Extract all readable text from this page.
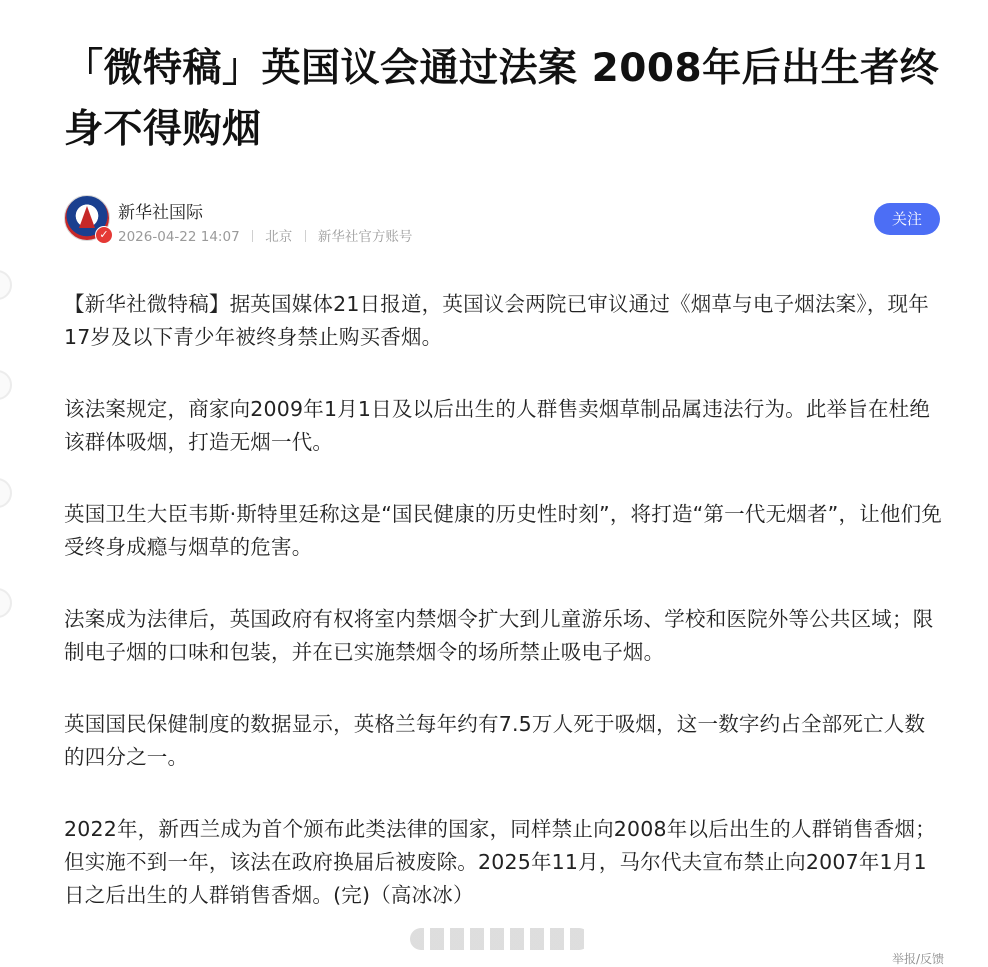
「微特稿」英国议会通过法案 2008年后出生者终身不得购烟
✓
新华社国际
2026-04-22 14:07 北京 新华社官方账号
关注

【新华社微特稿】据英国媒体21日报道，英国议会两院已审议通过《烟草与电子烟法案》，现年17岁及以下青少年被终身禁止购买香烟。

该法案规定，商家向2009年1月1日及以后出生的人群售卖烟草制品属违法行为。此举旨在杜绝该群体吸烟，打造无烟一代。

英国卫生大臣韦斯·斯特里廷称这是“国民健康的历史性时刻”，将打造“第一代无烟者”，让他们免受终身成瘾与烟草的危害。

法案成为法律后，英国政府有权将室内禁烟令扩大到儿童游乐场、学校和医院外等公共区域；限制电子烟的口味和包装，并在已实施禁烟令的场所禁止吸电子烟。

英国国民保健制度的数据显示，英格兰每年约有7.5万人死于吸烟，这一数字约占全部死亡人数的四分之一。

2022年，新西兰成为首个颁布此类法律的国家，同样禁止向2008年以后出生的人群销售香烟；但实施不到一年，该法在政府换届后被废除。2025年11月，马尔代夫宣布禁止向2007年1月1日之后出生的人群销售香烟。(完)（高冰冰）

举报/反馈
